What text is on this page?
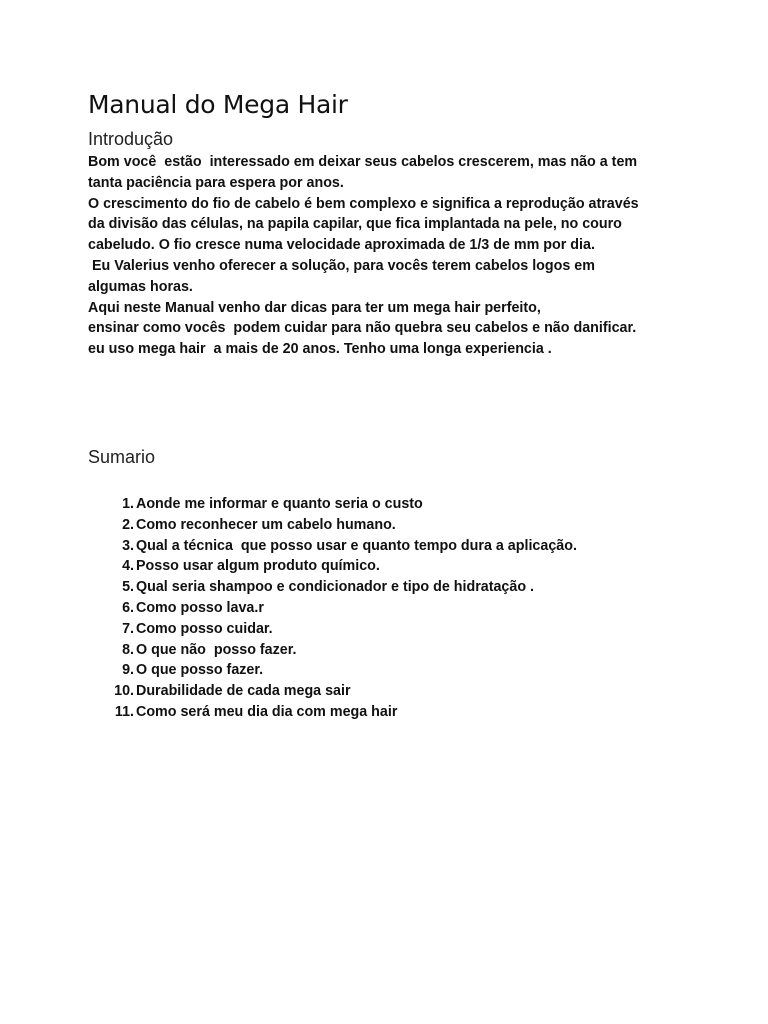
Manual do Mega Hair
Introdução
Bom você  estão  interessado em deixar seus cabelos crescerem, mas não a tem
tanta paciência para espera por anos.
O crescimento do fio de cabelo é bem complexo e significa a reprodução através
da divisão das células, na papila capilar, que fica implantada na pele, no couro
cabeludo. O fio cresce numa velocidade aproximada de 1/3 de mm por dia.
Eu Valerius venho oferecer a solução, para vocês terem cabelos logos em
algumas horas.
Aqui neste Manual venho dar dicas para ter um mega hair perfeito,
ensinar como vocês  podem cuidar para não quebra seu cabelos e não danificar.
eu uso mega hair  a mais de 20 anos. Tenho uma longa experiencia .
Sumario
1. Aonde me informar e quanto seria o custo
2. Como reconhecer um cabelo humano.
3. Qual a técnica  que posso usar e quanto tempo dura a aplicação.
4. Posso usar algum produto químico.
5. Qual seria shampoo e condicionador e tipo de hidratação .
6. Como posso lava.r
7. Como posso cuidar.
8. O que não  posso fazer.
9. O que posso fazer.
10. Durabilidade de cada mega sair
11. Como será meu dia dia com mega hair
